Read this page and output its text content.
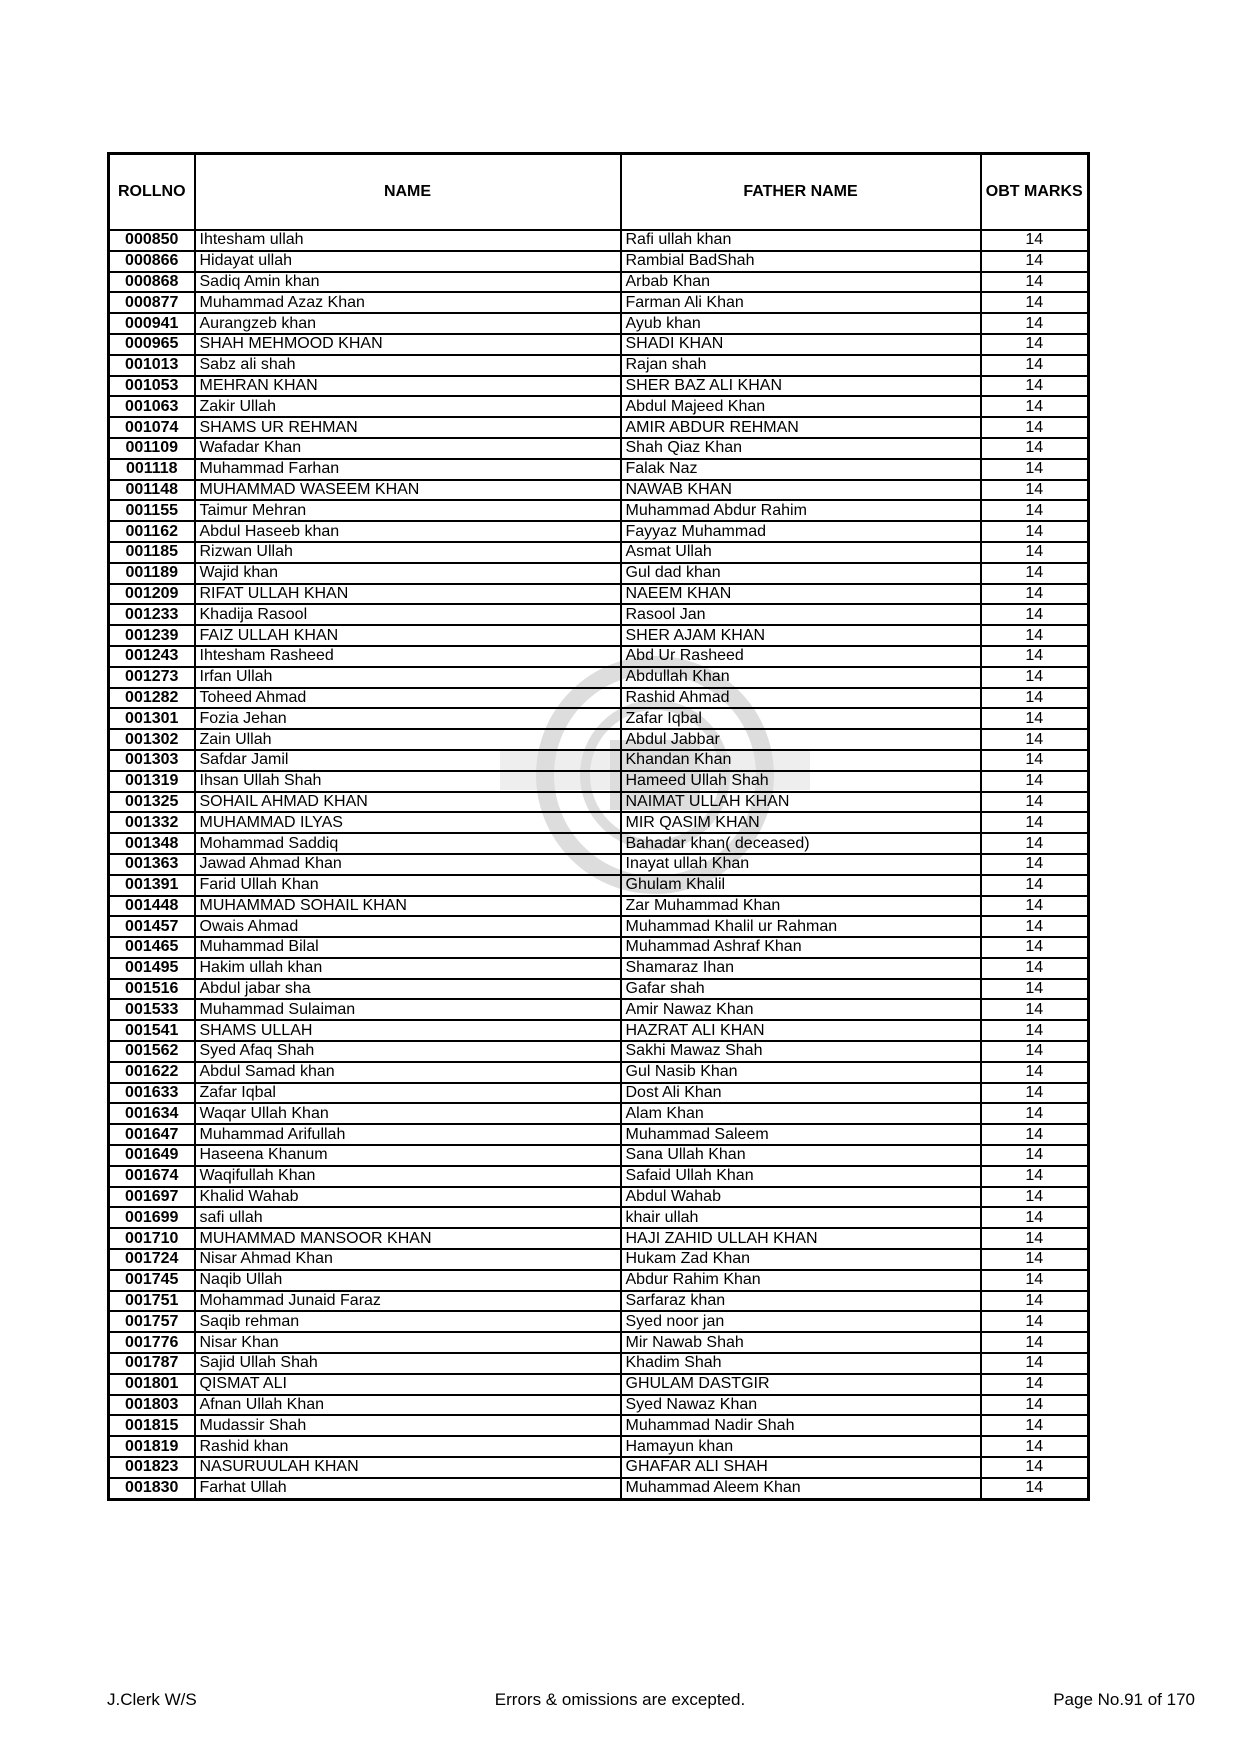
ROLLNO	NAME	FATHER NAME	OBT MARKS
000850	Ihtesham ullah	Rafi ullah khan	14
000866	Hidayat ullah	Rambial BadShah	14
000868	Sadiq Amin khan	Arbab Khan	14
000877	Muhammad Azaz Khan	Farman Ali Khan	14
000941	Aurangzeb khan	Ayub khan	14
000965	SHAH MEHMOOD KHAN	SHADI KHAN	14
001013	Sabz ali shah	Rajan shah	14
001053	MEHRAN KHAN	SHER BAZ ALI KHAN	14
001063	Zakir Ullah	Abdul Majeed Khan	14
001074	SHAMS UR REHMAN	AMIR ABDUR REHMAN	14
001109	Wafadar Khan	Shah Qiaz Khan	14
001118	Muhammad Farhan	Falak Naz	14
001148	MUHAMMAD WASEEM KHAN	NAWAB KHAN	14
001155	Taimur Mehran	Muhammad Abdur Rahim	14
001162	Abdul Haseeb khan	Fayyaz Muhammad	14
001185	Rizwan Ullah	Asmat Ullah	14
001189	Wajid khan	Gul dad khan	14
001209	RIFAT ULLAH KHAN	NAEEM KHAN	14
001233	Khadija Rasool	Rasool Jan	14
001239	FAIZ ULLAH KHAN	SHER AJAM KHAN	14
001243	Ihtesham Rasheed	Abd Ur Rasheed	14
001273	Irfan Ullah	Abdullah Khan	14
001282	Toheed Ahmad	Rashid Ahmad	14
001301	Fozia Jehan	Zafar Iqbal	14
001302	Zain Ullah	Abdul Jabbar	14
001303	Safdar Jamil	Khandan Khan	14
001319	Ihsan Ullah Shah	Hameed Ullah Shah	14
001325	SOHAIL AHMAD KHAN	NAIMAT ULLAH KHAN	14
001332	MUHAMMAD ILYAS	MIR QASIM KHAN	14
001348	Mohammad Saddiq	Bahadar khan( deceased)	14
001363	Jawad Ahmad Khan	Inayat ullah Khan	14
001391	Farid Ullah Khan	Ghulam Khalil	14
001448	MUHAMMAD SOHAIL KHAN	Zar Muhammad Khan	14
001457	Owais Ahmad	Muhammad Khalil ur Rahman	14
001465	Muhammad Bilal	Muhammad Ashraf Khan	14
001495	Hakim ullah khan	Shamaraz Ihan	14
001516	Abdul jabar sha	Gafar shah	14
001533	Muhammad Sulaiman	Amir Nawaz Khan	14
001541	SHAMS ULLAH	HAZRAT ALI KHAN	14
001562	Syed Afaq Shah	Sakhi Mawaz Shah	14
001622	Abdul Samad khan	Gul Nasib Khan	14
001633	Zafar Iqbal	Dost Ali Khan	14
001634	Waqar Ullah Khan	Alam Khan	14
001647	Muhammad Arifullah	Muhammad Saleem	14
001649	Haseena Khanum	Sana Ullah Khan	14
001674	Waqifullah Khan	Safaid Ullah Khan	14
001697	Khalid Wahab	Abdul Wahab	14
001699	safi ullah	khair ullah	14
001710	MUHAMMAD MANSOOR KHAN	HAJI ZAHID ULLAH KHAN	14
001724	Nisar Ahmad Khan	Hukam Zad Khan	14
001745	Naqib Ullah	Abdur Rahim Khan	14
001751	Mohammad Junaid Faraz	Sarfaraz khan	14
001757	Saqib rehman	Syed noor jan	14
001776	Nisar Khan	Mir Nawab Shah	14
001787	Sajid Ullah Shah	Khadim Shah	14
001801	QISMAT ALI	GHULAM DASTGIR	14
001803	Afnan Ullah Khan	Syed Nawaz Khan	14
001815	Mudassir Shah	Muhammad Nadir Shah	14
001819	Rashid khan	Hamayun khan	14
001823	NASURUULAH KHAN	GHAFAR ALI SHAH	14
001830	Farhat Ullah	Muhammad Aleem Khan	14
J.Clerk W/S	Errors & omissions are excepted.	Page No.91 of 170
